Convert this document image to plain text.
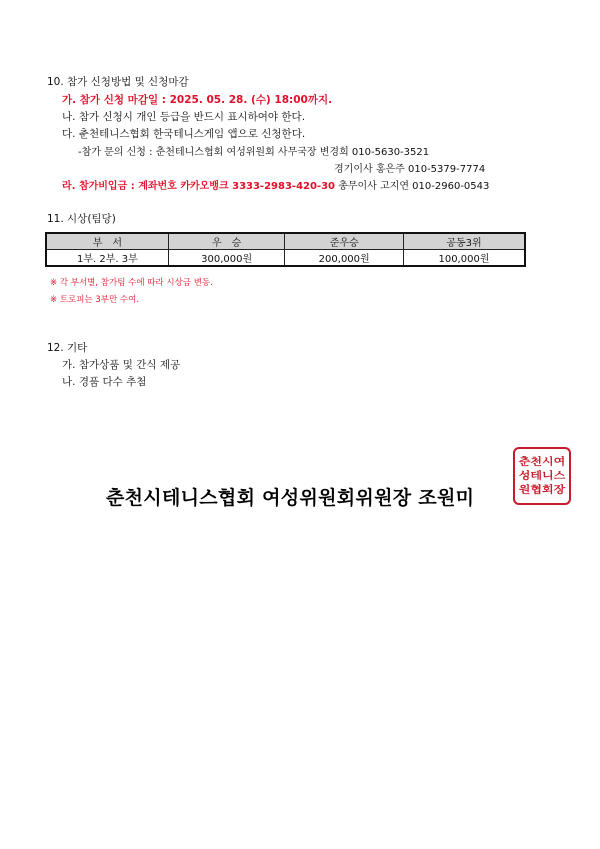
10. 참가 신청방법 및 신청마감
가. 참가 신청 마감일 : 2025. 05. 28. (수) 18:00까지.
나. 참가 신청시 개인 등급을 반드시 표시하여야 한다.
다. 춘천테니스협회 한국테니스게임 앱으로 신청한다.
-참가 문의 신청 : 춘천테니스협회 여성위원회 사무국장 변경희 010-5630-3521
경기이사 홍은주 010-5379-7774
라. 참가비입금 : 계좌번호 카카오뱅크 3333-2983-420-30 총무이사 고지연 010-2960-0543
11. 시상(팀당)
부　서	우　승	준우승	공동3위
1부. 2부. 3부	300,000원	200,000원	100,000원
※ 각 부서별, 참가팀 수에 따라 시상금 변동.
※ 트로피는 3부만 수여.
12. 기타
가. 참가상품 및 간식 제공
나. 경품 다수 추첨
춘천시테니스협회 여성위원회위원장 조원미
춘천시여
성테니스
원협회장
